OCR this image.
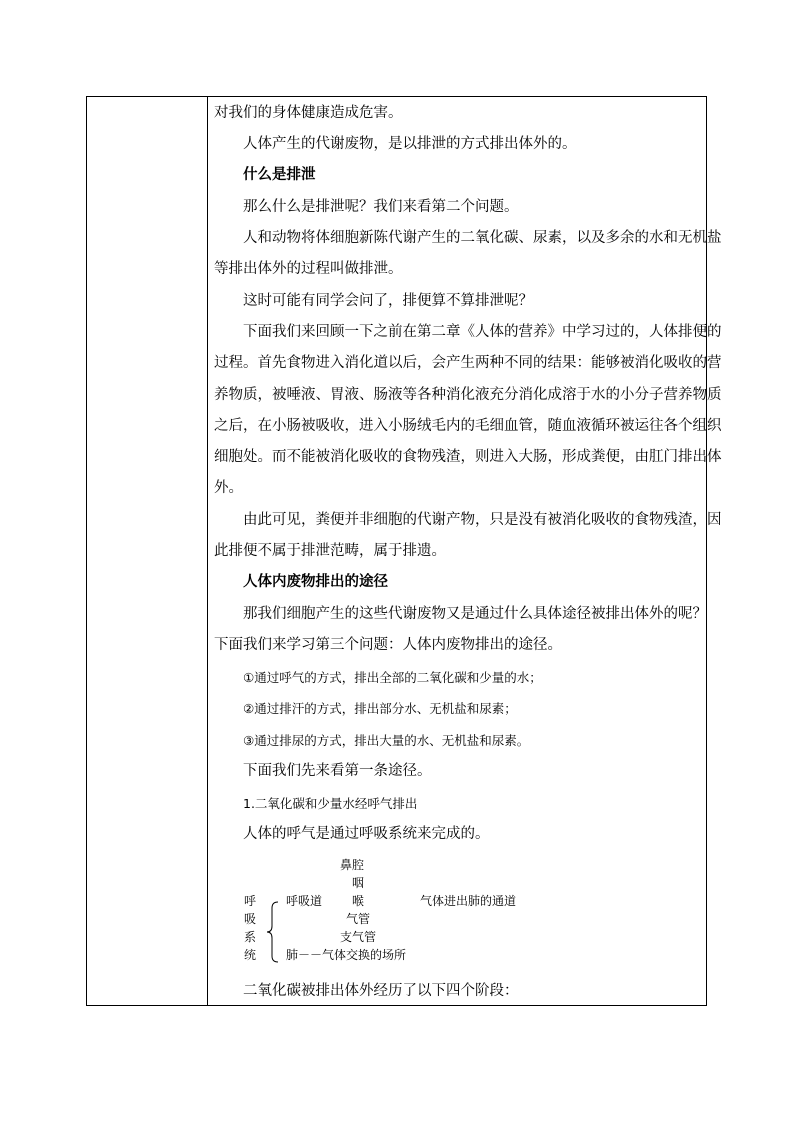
对我们的身体健康造成危害。
人体产生的代谢废物，是以排泄的方式排出体外的。
什么是排泄
那么什么是排泄呢？我们来看第二个问题。
人和动物将体细胞新陈代谢产生的二氧化碳、尿素，以及多余的水和无机盐
等排出体外的过程叫做排泄。
这时可能有同学会问了，排便算不算排泄呢？
下面我们来回顾一下之前在第二章《人体的营养》中学习过的，人体排便的
过程。首先食物进入消化道以后，会产生两种不同的结果：能够被消化吸收的营
养物质，被唾液、胃液、肠液等各种消化液充分消化成溶于水的小分子营养物质
之后，在小肠被吸收，进入小肠绒毛内的毛细血管，随血液循环被运往各个组织
细胞处。而不能被消化吸收的食物残渣，则进入大肠，形成粪便，由肛门排出体
外。
由此可见，粪便并非细胞的代谢产物，只是没有被消化吸收的食物残渣，因
此排便不属于排泄范畴，属于排遗。
人体内废物排出的途径
那我们细胞产生的这些代谢废物又是通过什么具体途径被排出体外的呢？
下面我们来学习第三个问题：人体内废物排出的途径。
①通过呼气的方式，排出全部的二氧化碳和少量的水；
②通过排汗的方式，排出部分水、无机盐和尿素；
③通过排尿的方式，排出大量的水、无机盐和尿素。
下面我们先来看第一条途径。
1.二氧化碳和少量水经呼气排出
人体的呼气是通过呼吸系统来完成的。
呼
吸
系
统
鼻腔
咽
呼吸道 喉	气体进出肺的通道
气管
支气管
肺－－气体交换的场所
二氧化碳被排出体外经历了以下四个阶段：
